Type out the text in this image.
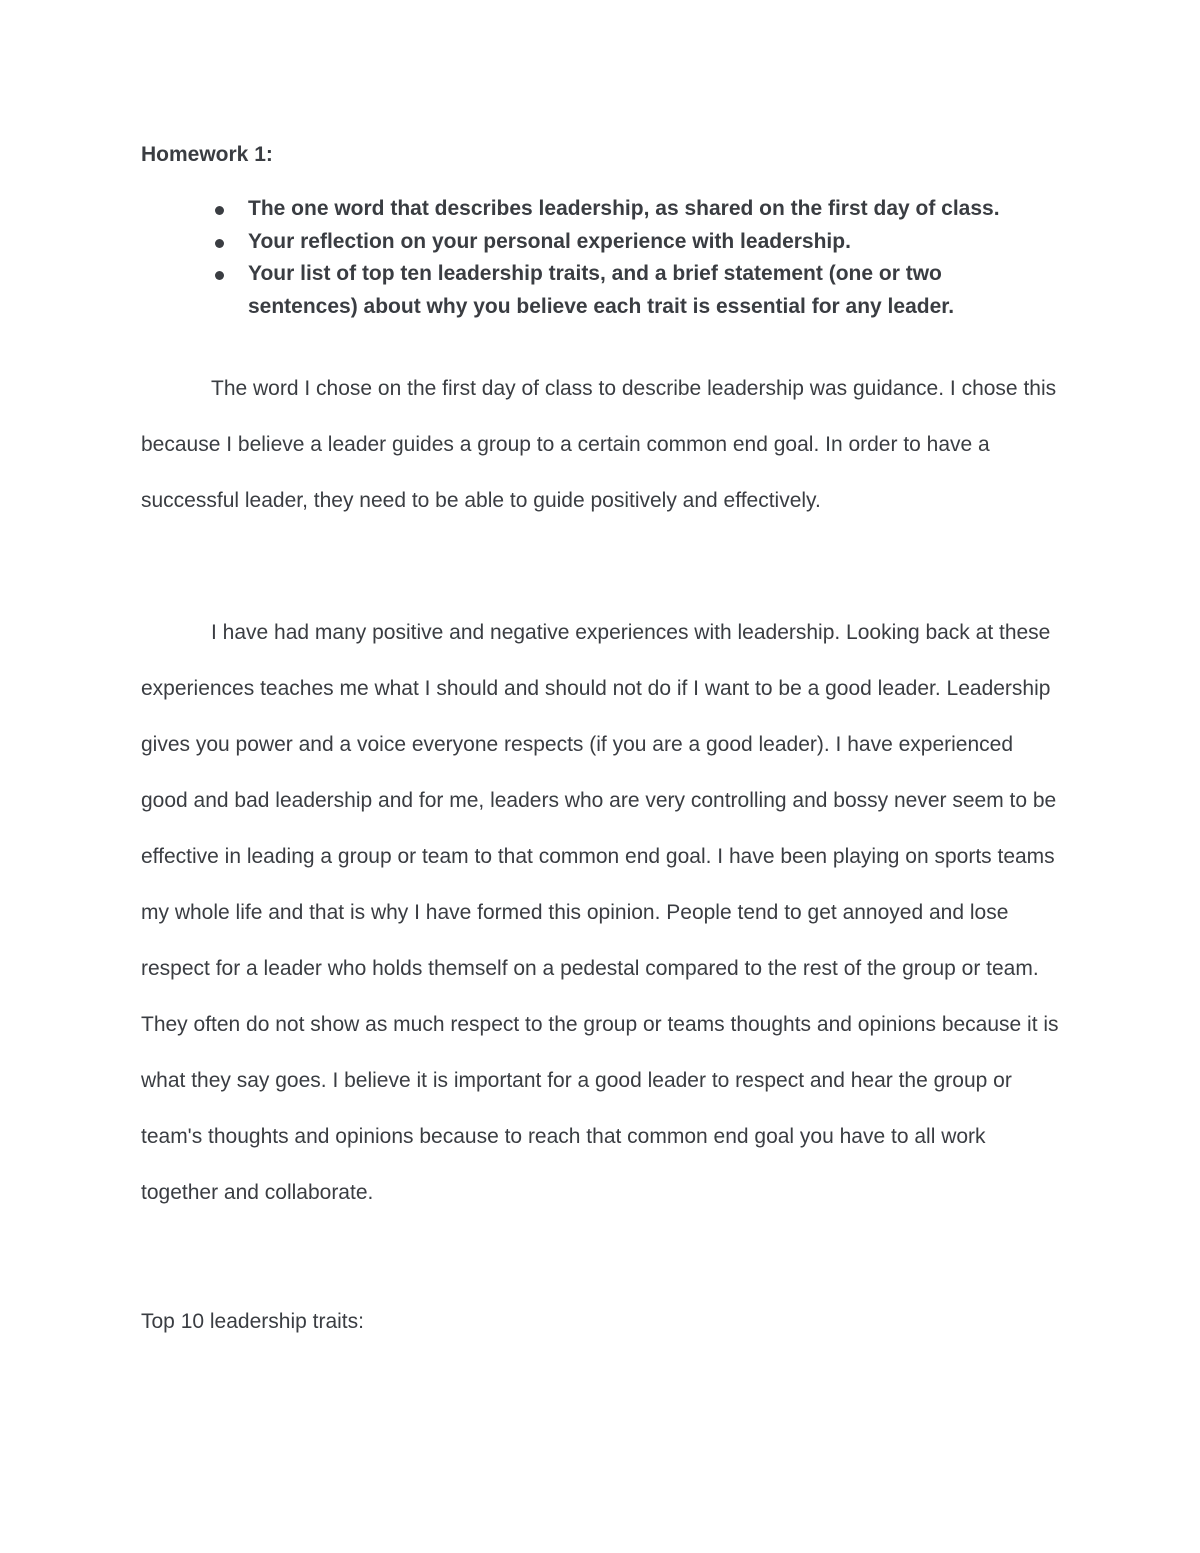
Homework 1:
The one word that describes leadership, as shared on the first day of class.
Your reflection on your personal experience with leadership.
Your list of top ten leadership traits, and a brief statement (one or two sentences) about why you believe each trait is essential for any leader.

The word I chose on the first day of class to describe leadership was guidance. I chose this because I believe a leader guides a group to a certain common end goal. In order to have a successful leader, they need to be able to guide positively and effectively.

I have had many positive and negative experiences with leadership. Looking back at these experiences teaches me what I should and should not do if I want to be a good leader. Leadership gives you power and a voice everyone respects (if you are a good leader). I have experienced good and bad leadership and for me, leaders who are very controlling and bossy never seem to be effective in leading a group or team to that common end goal. I have been playing on sports teams my whole life and that is why I have formed this opinion. People tend to get annoyed and lose respect for a leader who holds themself on a pedestal compared to the rest of the group or team. They often do not show as much respect to the group or teams thoughts and opinions because it is what they say goes. I believe it is important for a good leader to respect and hear the group or team's thoughts and opinions because to reach that common end goal you have to all work together and collaborate.

Top 10 leadership traits:
